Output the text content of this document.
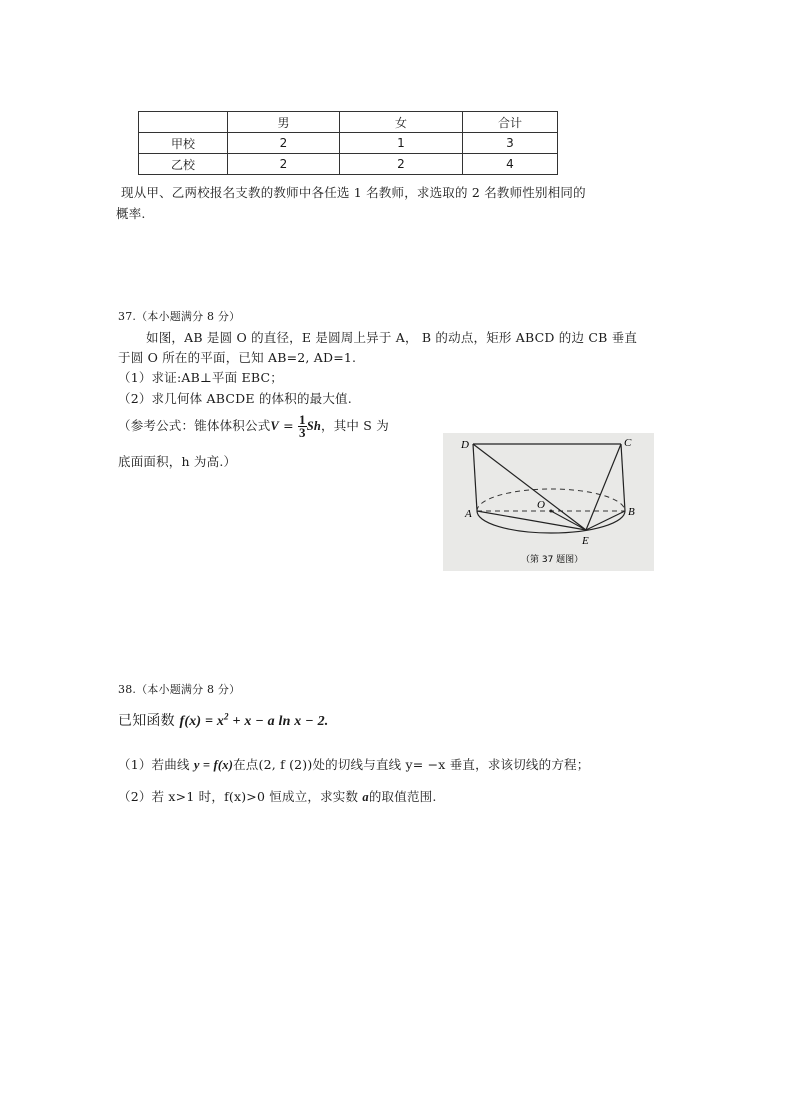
	男	女	合计
甲校	2	1	3
乙校	2	2	4
现从甲、乙两校报名支教的教师中各任选 1 名教师，求选取的 2 名教师性别相同的
概率.
37.（本小题满分 8 分）
如图，AB 是圆 O 的直径，E 是圆周上异于 A， B 的动点，矩形 ABCD 的边 CB 垂直
于圆 O 所在的平面，已知 AB=2, AD=1.
（1）求证:AB⊥平面 EBC；
（2）求几何体 ABCDE 的体积的最大值.
（参考公式：锥体体积公式$V = \frac{1}{3}$ Sh，其中 S 为
底面面积，h 为高.）
D	C
A	B
O
E
（第 37 题图）
38.（本小题满分 8 分）
已知函数 $f(x) = x^2 + x - a$ ln x − 2.
（1）若曲线 y = f(x)在点(2, f (2))处的切线与直线 y= −x 垂直，求该切线的方程；
（2）若 x>1 时，f(x)>0 恒成立，求实数 a的取值范围.
